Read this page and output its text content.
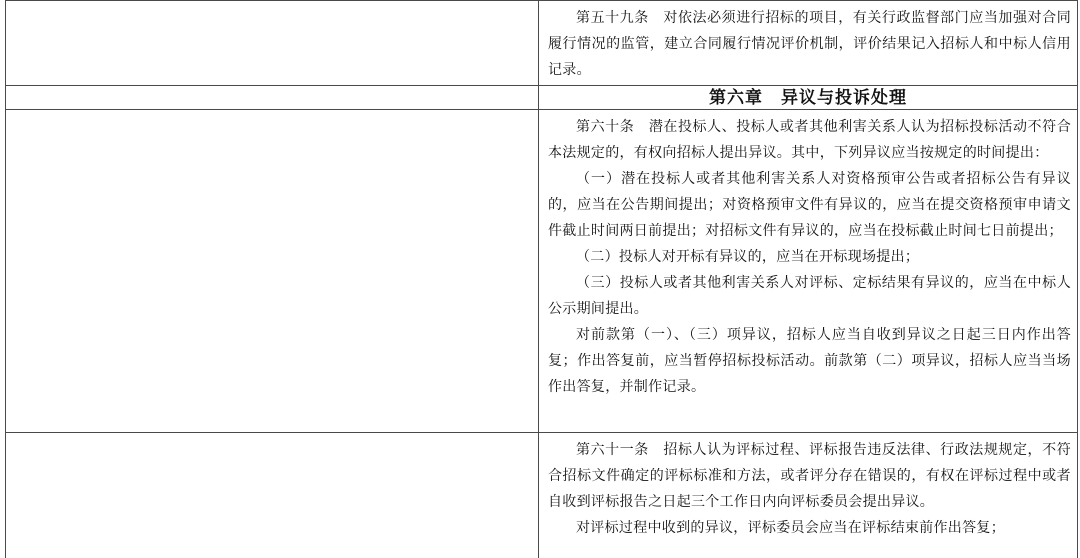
	第五十九条　对依法必须进行招标的项目，有关行政监督部门应当加强对合同履行情况的监管，建立合同履行情况评价机制，评价结果记入招标人和中标人信用记录。

	第六章　异议与投诉处理

	第六十条　潜在投标人、投标人或者其他利害关系人认为招标投标活动不符合本法规定的，有权向招标人提出异议。其中，下列异议应当按规定的时间提出：

（一）潜在投标人或者其他利害关系人对资格预审公告或者招标公告有异议的，应当在公告期间提出；对资格预审文件有异议的，应当在提交资格预审申请文件截止时间两日前提出；对招标文件有异议的，应当在投标截止时间七日前提出；

（二）投标人对开标有异议的，应当在开标现场提出；

（三）投标人或者其他利害关系人对评标、定标结果有异议的，应当在中标人公示期间提出。

对前款第（一）、（三）项异议，招标人应当自收到异议之日起三日内作出答复；作出答复前，应当暂停招标投标活动。前款第（二）项异议，招标人应当当场作出答复，并制作记录。

	第六十一条　招标人认为评标过程、评标报告违反法律、行政法规规定，不符合招标文件确定的评标标准和方法，或者评分存在错误的，有权在评标过程中或者自收到评标报告之日起三个工作日内向评标委员会提出异议。

对评标过程中收到的异议，评标委员会应当在评标结束前作出答复；
